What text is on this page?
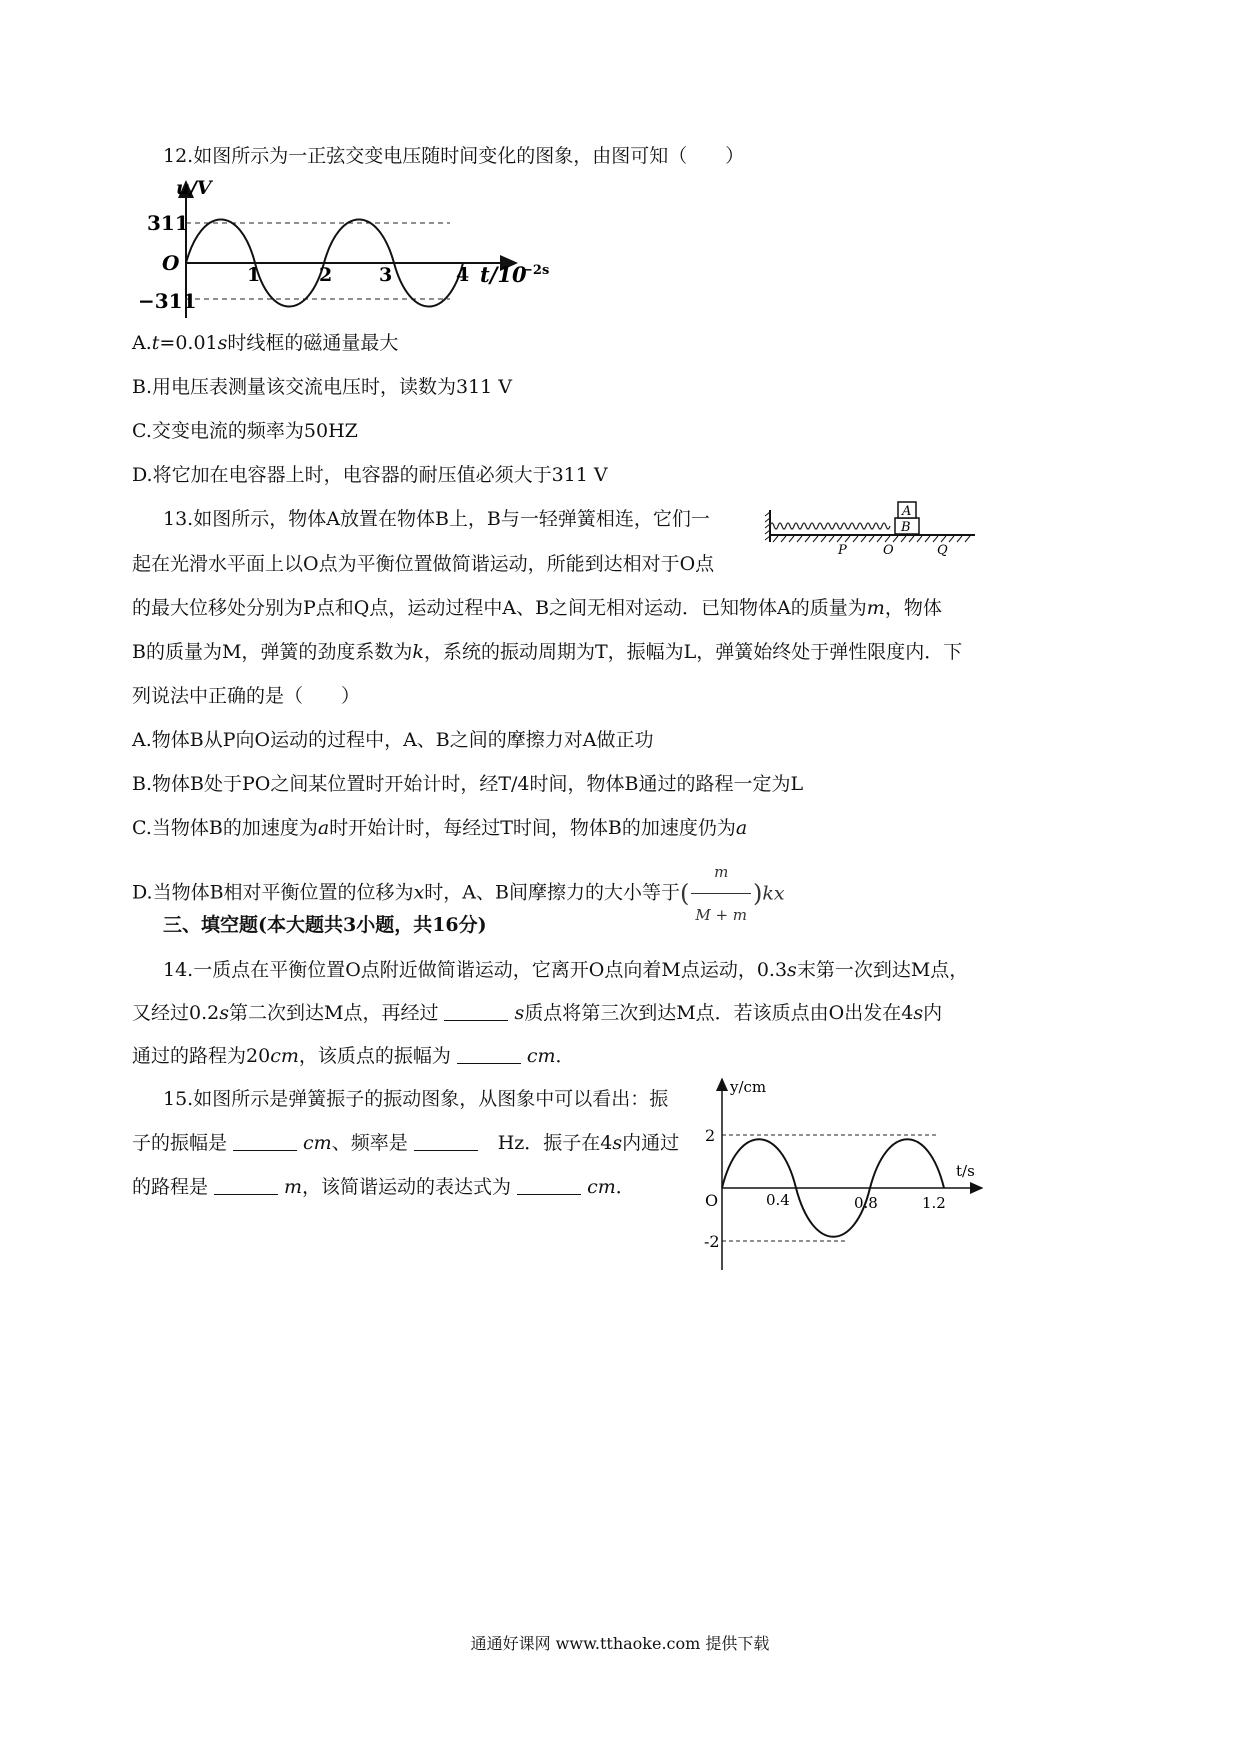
12.如图所示为一正弦交变电压随时间变化的图象，由图可知（　　）
u/V
311
O
−311
1	2 3	4 t/10
−2s
A.t=0.01s时线框的磁通量最大
B.用电压表测量该交流电压时，读数为311 V
C.交变电流的频率为50HZ
D.将它加在电容器上时，电容器的耐压值必须大于311 V
13.如图所示，物体A放置在物体B上，B与一轻弹簧相连，它们一
起在光滑水平面上以O点为平衡位置做简谐运动，所能到达相对于O点
A
B
P	O	Q
的最大位移处分别为P点和Q点，运动过程中A、B之间无相对运动．已知物体A的质量为m，物体
B的质量为M，弹簧的劲度系数为k，系统的振动周期为T，振幅为L，弹簧始终处于弹性限度内．下
列说法中正确的是（　　）
A.物体B从P向O运动的过程中，A、B之间的摩擦力对A做正功
B.物体B处于PO之间某位置时开始计时，经T/4时间，物体B通过的路程一定为L
C.当物体B的加速度为a时开始计时，每经过T时间，物体B的加速度仍为a
D.当物体B相对平衡位置的位移为x时，A、B间摩擦力的大小等于( $\frac{m}{M + m} )kx$
三、填空题(本大题共3小题，共16分)
14.一质点在平衡位置O点附近做简谐运动，它离开O点向着M点运动，0.3s末第一次到达M点，
又经过0.2s第二次到达M点，再经过	s质点将第三次到达M点．若该质点由O出发在4s内
通过的路程为20cm，该质点的振幅为	cm．
15.如图所示是弹簧振子的振动图象，从图象中可以看出：振
子的振幅是	cm、频率是	Hz．振子在4s内通过
的路程是	m，该简谐运动的表达式为	cm．
y/cm
t/s
2
O
-2
0.4	0.8	1.2
通通好课网 www.tthaoke.com 提供下载
